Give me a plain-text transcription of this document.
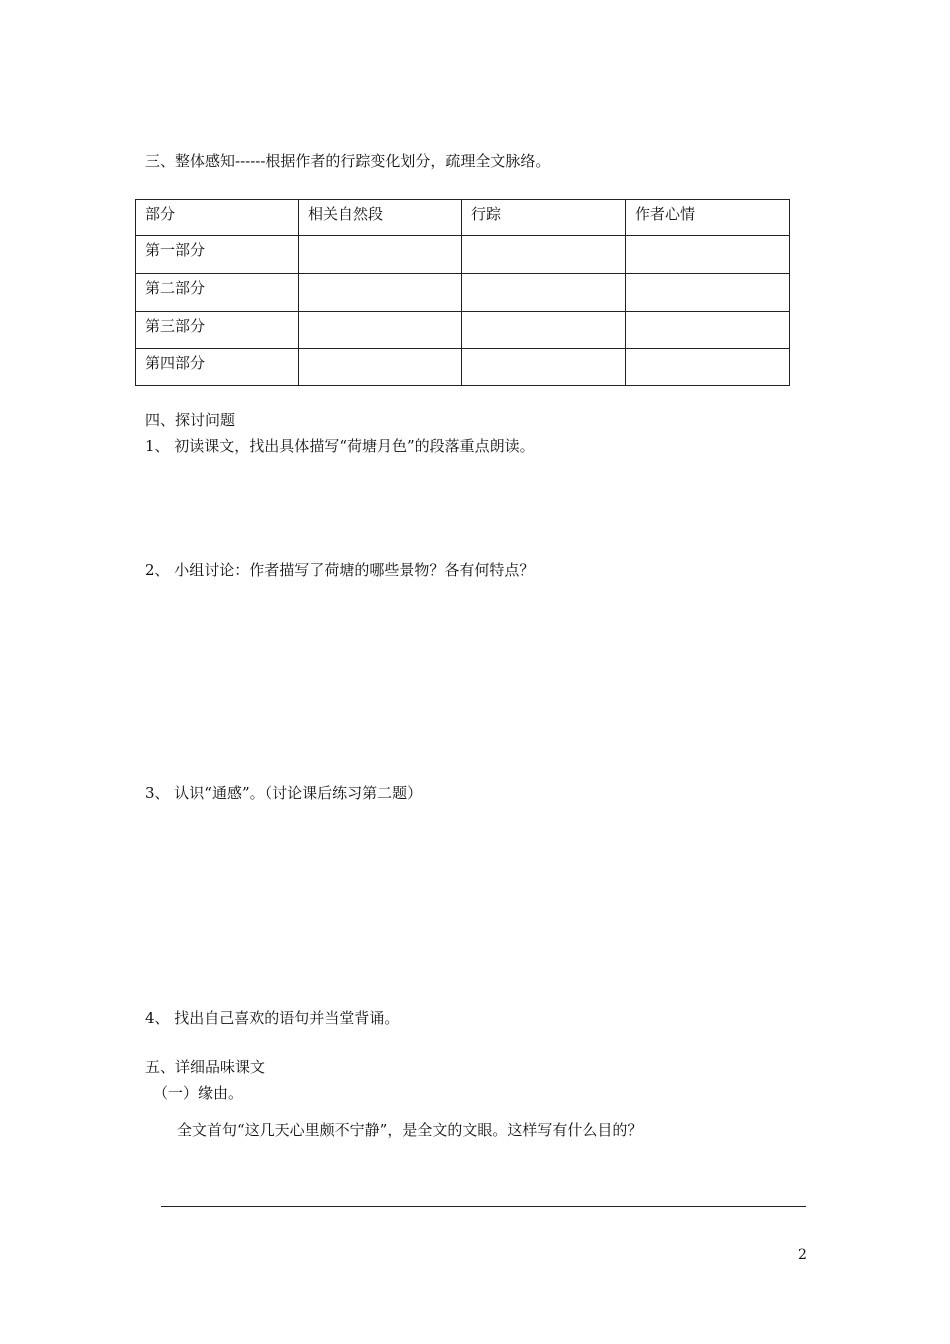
三、整体感知------根据作者的行踪变化划分，疏理全文脉络。
部分	相关自然段	行踪	作者心情
第一部分			
第二部分			
第三部分			
第四部分			
四、探讨问题
1、 初读课文，找出具体描写“荷塘月色”的段落重点朗读。
2、 小组讨论：作者描写了荷塘的哪些景物？各有何特点？
3、 认识“通感”。（讨论课后练习第二题）
4、 找出自己喜欢的语句并当堂背诵。
五、详细品味课文
（一）缘由。
全文首句“这几天心里颇不宁静”，是全文的文眼。这样写有什么目的？
2
